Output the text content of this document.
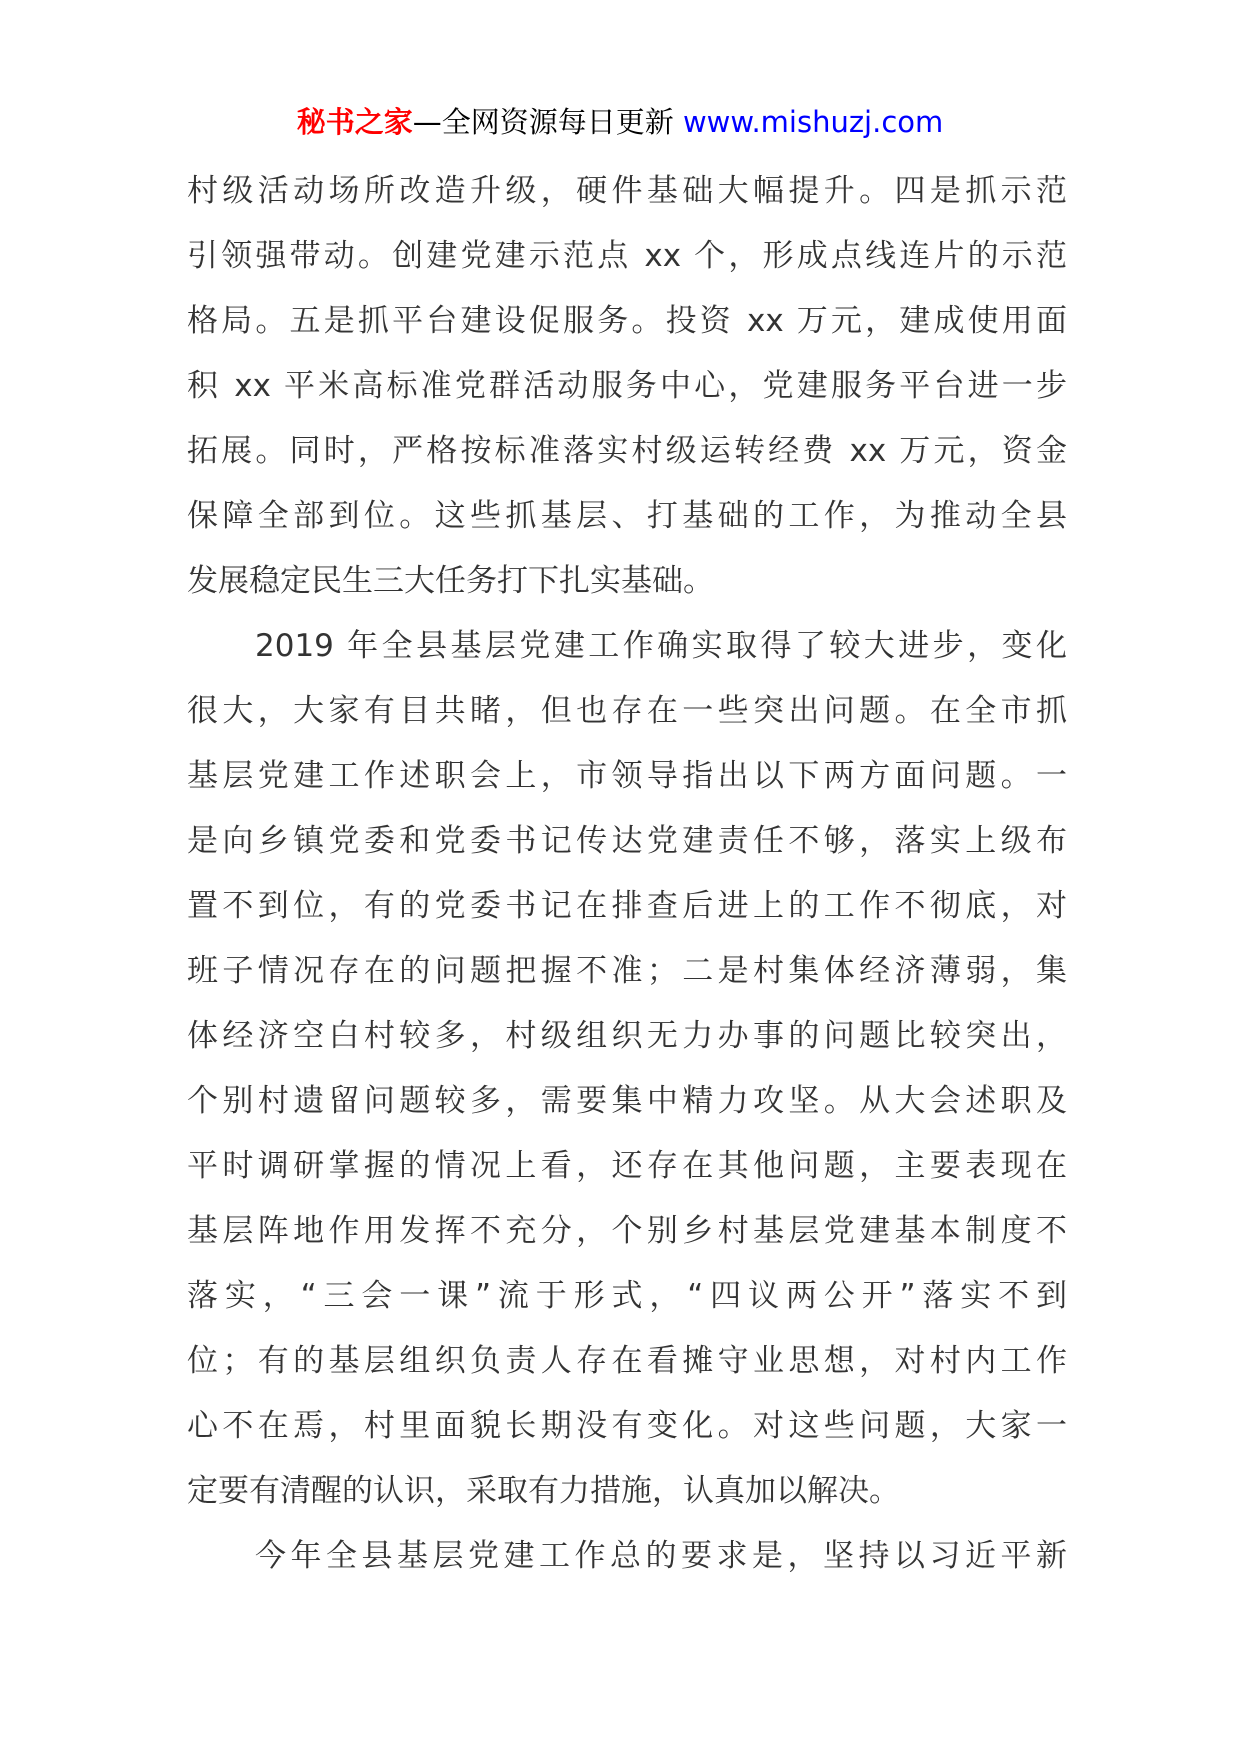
秘书之家—全网资源每日更新 www.mishuzj.com
村级活动场所改造升级，硬件基础大幅提升。四是抓示范
引领强带动。创建党建示范点 xx 个，形成点线连片的示范
格局。五是抓平台建设促服务。投资 xx 万元，建成使用面
积 xx 平米高标准党群活动服务中心，党建服务平台进一步
拓展。同时，严格按标准落实村级运转经费 xx 万元，资金
保障全部到位。这些抓基层、打基础的工作，为推动全县
发展稳定民生三大任务打下扎实基础。
2019 年全县基层党建工作确实取得了较大进步，变化
很大，大家有目共睹，但也存在一些突出问题。在全市抓
基层党建工作述职会上，市领导指出以下两方面问题。一
是向乡镇党委和党委书记传达党建责任不够，落实上级布
置不到位，有的党委书记在排查后进上的工作不彻底，对
班子情况存在的问题把握不准；二是村集体经济薄弱，集
体经济空白村较多，村级组织无力办事的问题比较突出，
个别村遗留问题较多，需要集中精力攻坚。从大会述职及
平时调研掌握的情况上看，还存在其他问题，主要表现在
基层阵地作用发挥不充分，个别乡村基层党建基本制度不
落实，“三会一课”流于形式，“四议两公开”落实不到
位；有的基层组织负责人存在看摊守业思想，对村内工作
心不在焉，村里面貌长期没有变化。对这些问题，大家一
定要有清醒的认识，采取有力措施，认真加以解决。
今年全县基层党建工作总的要求是，坚持以习近平新
